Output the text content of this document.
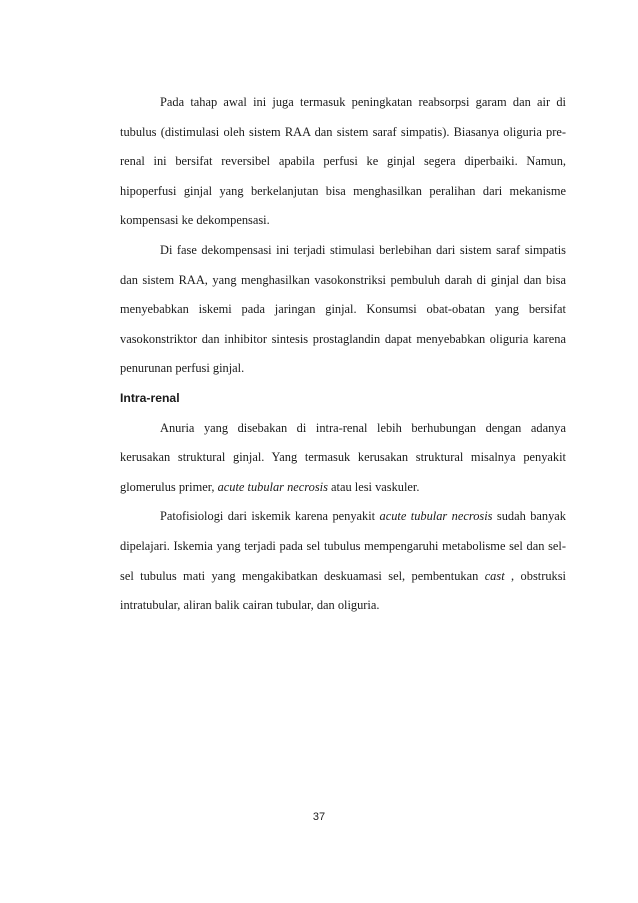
Pada tahap awal ini juga termasuk peningkatan reabsorpsi garam dan air di tubulus (distimulasi oleh sistem RAA dan sistem saraf simpatis). Biasanya oliguria pre-renal ini bersifat reversibel apabila perfusi ke ginjal segera diperbaiki. Namun, hipoperfusi ginjal yang berkelanjutan bisa menghasilkan peralihan dari mekanisme kompensasi ke dekompensasi.

Di fase dekompensasi ini terjadi stimulasi berlebihan dari sistem saraf simpatis dan sistem RAA, yang menghasilkan vasokonstriksi pembuluh darah di ginjal dan bisa menyebabkan iskemi pada jaringan ginjal. Konsumsi obat-obatan yang bersifat vasokonstriktor dan inhibitor sintesis prostaglandin dapat menyebabkan oliguria karena penurunan perfusi ginjal.

Intra-renal

Anuria yang disebakan di intra-renal lebih berhubungan dengan adanya kerusakan struktural ginjal. Yang termasuk kerusakan struktural misalnya penyakit glomerulus primer, acute tubular necrosis atau lesi vaskuler.

Patofisiologi dari iskemik karena penyakit acute tubular necrosis sudah banyak dipelajari. Iskemia yang terjadi pada sel tubulus mempengaruhi metabolisme sel dan sel-sel tubulus mati yang mengakibatkan deskuamasi sel, pembentukan cast , obstruksi intratubular, aliran balik cairan tubular, dan oliguria.

37
